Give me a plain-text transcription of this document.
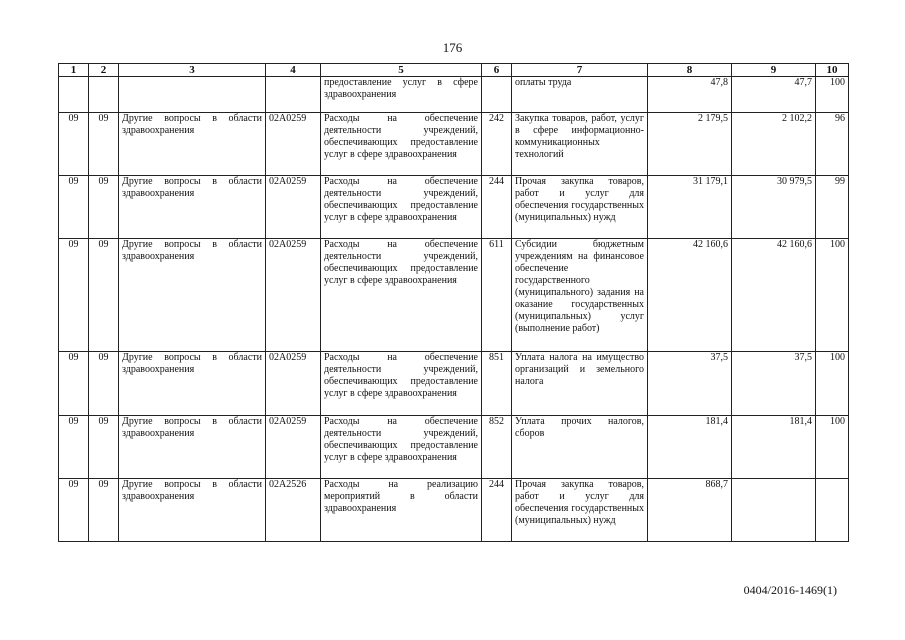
176
1	2	3	4	5	6	7	8	9	10
				предоставление услуг в сфере здравоохранения		оплаты труда	47,8	47,7	100
09	09	Другие вопросы в области здравоохранения	02А0259	Расходы на обеспечение деятельности учреждений, обеспечивающих предоставление услуг в сфере здравоохранения	242	Закупка товаров, работ, услуг в сфере информационно-коммуникационных технологий	2 179,5	2 102,2	96
09	09	Другие вопросы в области здравоохранения	02А0259	Расходы на обеспечение деятельности учреждений, обеспечивающих предоставление услуг в сфере здравоохранения	244	Прочая закупка товаров, работ и услуг для обеспечения государственных (муниципальных) нужд	31 179,1	30 979,5	99
09	09	Другие вопросы в области здравоохранения	02А0259	Расходы на обеспечение деятельности учреждений, обеспечивающих предоставление услуг в сфере здравоохранения	611	Субсидии бюджетным учреждениям на финансовое обеспечение государственного (муниципального) задания на оказание государственных (муниципальных) услуг (выполнение работ)	42 160,6	42 160,6	100
09	09	Другие вопросы в области здравоохранения	02А0259	Расходы на обеспечение деятельности учреждений, обеспечивающих предоставление услуг в сфере здравоохранения	851	Уплата налога на имущество организаций и земельного налога	37,5	37,5	100
09	09	Другие вопросы в области здравоохранения	02А0259	Расходы на обеспечение деятельности учреждений, обеспечивающих предоставление услуг в сфере здравоохранения	852	Уплата прочих налогов, сборов	181,4	181,4	100
09	09	Другие вопросы в области здравоохранения	02А2526	Расходы на реализацию мероприятий в области здравоохранения	244	Прочая закупка товаров, работ и услуг для обеспечения государственных (муниципальных) нужд	868,7		
0404/2016-1469(1)
